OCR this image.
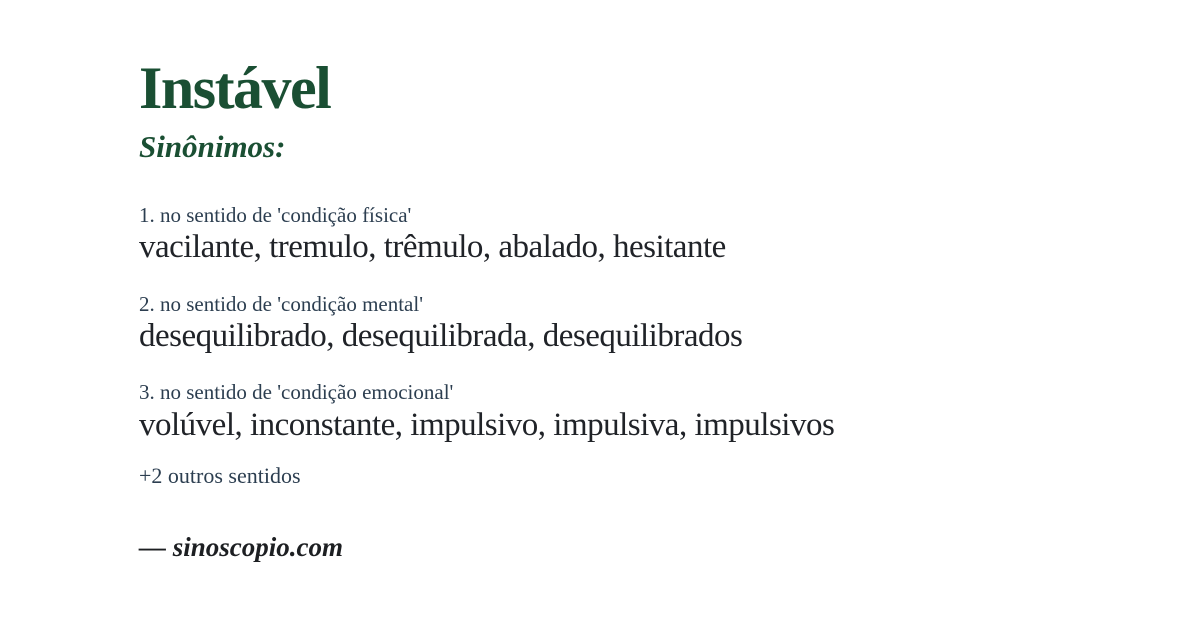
Instável
Sinônimos:
1. no sentido de 'condição física'
vacilante, tremulo, trêmulo, abalado, hesitante
2. no sentido de 'condição mental'
desequilibrado, desequilibrada, desequilibrados
3. no sentido de 'condição emocional'
volúvel, inconstante, impulsivo, impulsiva, impulsivos
+2 outros sentidos
— sinoscopio.com
